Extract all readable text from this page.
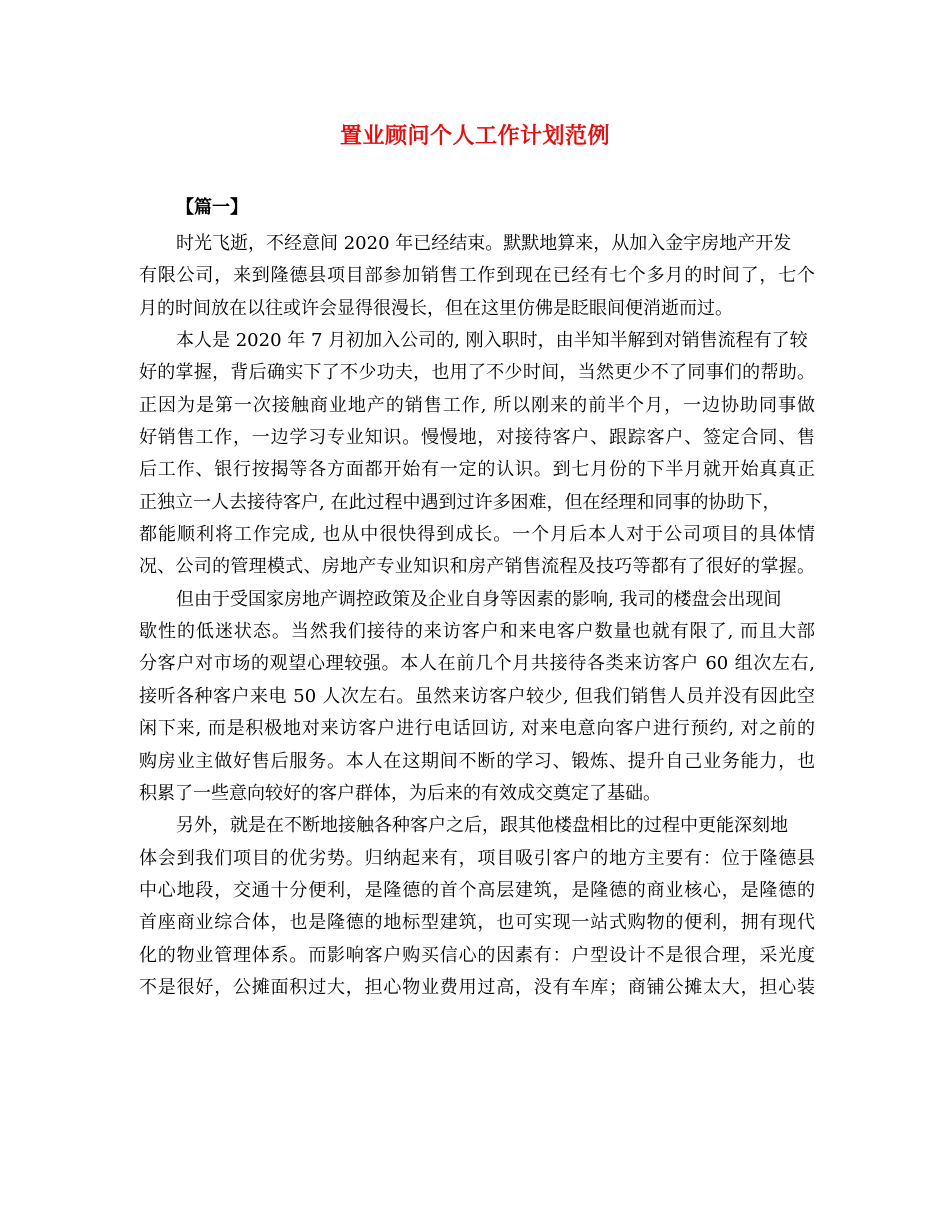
置业顾问个人工作计划范例
【篇一】
时光飞逝，不经意间 2020 年已经结束。默默地算来，从加入金宇房地产开发
有限公司，来到隆德县项目部参加销售工作到现在已经有七个多月的时间了，七个
月的时间放在以往或许会显得很漫长，但在这里仿佛是眨眼间便消逝而过。
本人是 2020 年 7 月初加入公司的, 刚入职时，由半知半解到对销售流程有了较
好的掌握，背后确实下了不少功夫，也用了不少时间，当然更少不了同事们的帮助。
正因为是第一次接触商业地产的销售工作, 所以刚来的前半个月，一边协助同事做
好销售工作，一边学习专业知识。慢慢地，对接待客户、跟踪客户、签定合同、售
后工作、银行按揭等各方面都开始有一定的认识。到七月份的下半月就开始真真正
正独立一人去接待客户, 在此过程中遇到过许多困难，但在经理和同事的协助下，
都能顺利将工作完成, 也从中很快得到成长。一个月后本人对于公司项目的具体情
况、公司的管理模式、房地产专业知识和房产销售流程及技巧等都有了很好的掌握。
但由于受国家房地产调控政策及企业自身等因素的影响, 我司的楼盘会出现间
歇性的低迷状态。当然我们接待的来访客户和来电客户数量也就有限了, 而且大部
分客户对市场的观望心理较强。本人在前几个月共接待各类来访客户 60 组次左右,
接听各种客户来电 50 人次左右。虽然来访客户较少, 但我们销售人员并没有因此空
闲下来, 而是积极地对来访客户进行电话回访, 对来电意向客户进行预约, 对之前的
购房业主做好售后服务。本人在这期间不断的学习、锻炼、提升自己业务能力，也
积累了一些意向较好的客户群体，为后来的有效成交奠定了基础。
另外，就是在不断地接触各种客户之后，跟其他楼盘相比的过程中更能深刻地
体会到我们项目的优劣势。归纳起来有，项目吸引客户的地方主要有：位于隆德县
中心地段，交通十分便利，是隆德的首个高层建筑，是隆德的商业核心，是隆德的
首座商业综合体，也是隆德的地标型建筑，也可实现一站式购物的便利，拥有现代
化的物业管理体系。而影响客户购买信心的因素有：户型设计不是很合理，采光度
不是很好，公摊面积过大，担心物业费用过高，没有车库；商铺公摊太大，担心装
